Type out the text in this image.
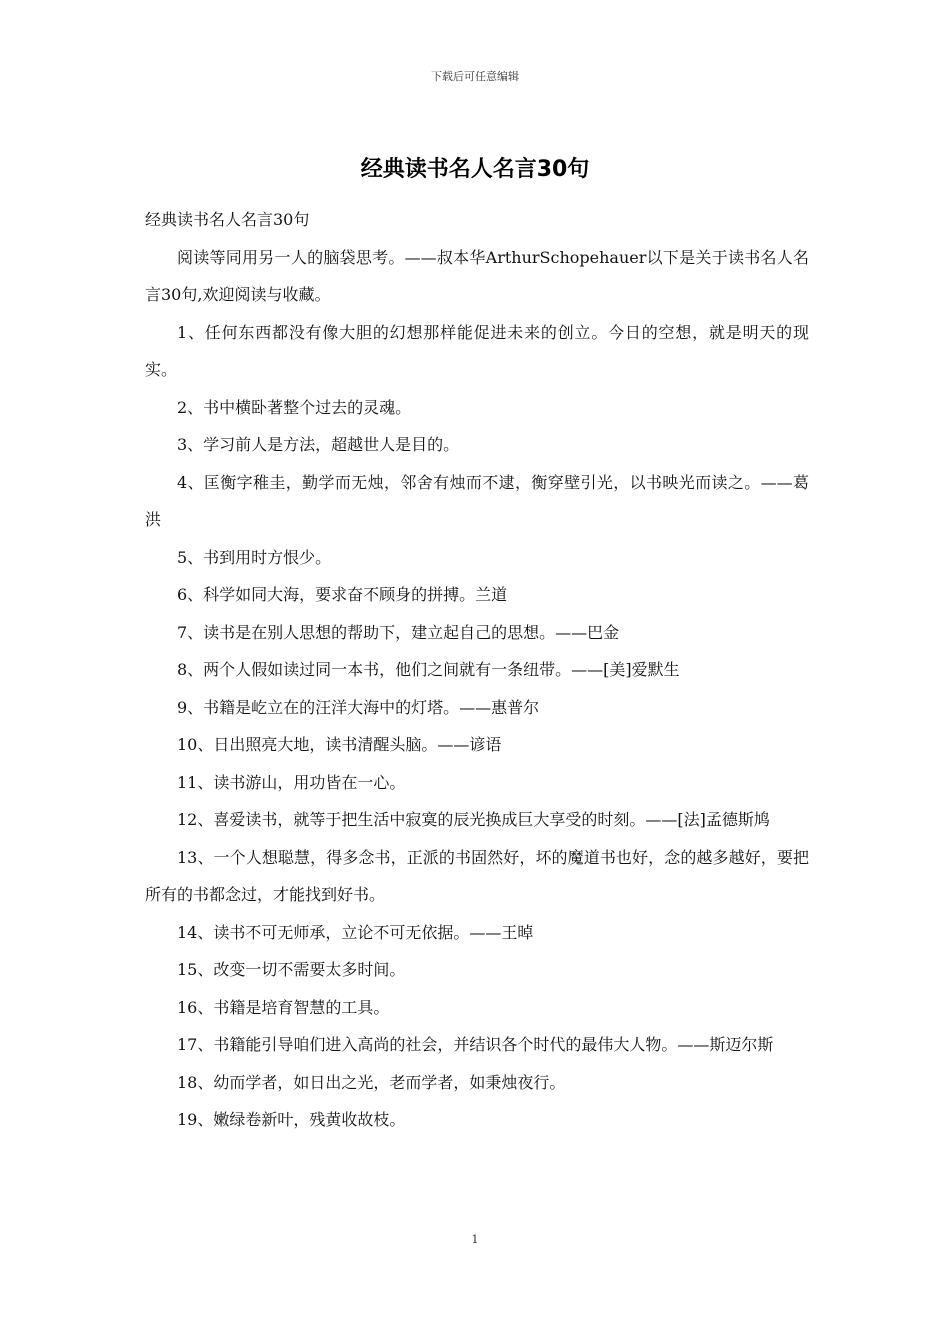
下载后可任意编辑
经典读书名人名言30句

经典读书名人名言30句

阅读等同用另一人的脑袋思考。——叔本华ArthurSchopehauer以下是关于读书名人名言30句,欢迎阅读与收藏。

1、任何东西都没有像大胆的幻想那样能促进未来的创立。今日的空想，就是明天的现实。

2、书中横卧著整个过去的灵魂。

3、学习前人是方法，超越世人是目的。

4、匡衡字稚圭，勤学而无烛，邻舍有烛而不逮，衡穿壁引光，以书映光而读之。——葛洪

5、书到用时方恨少。

6、科学如同大海，要求奋不顾身的拼搏。兰道

7、读书是在别人思想的帮助下，建立起自己的思想。——巴金

8、两个人假如读过同一本书，他们之间就有一条纽带。——[美]爱默生

9、书籍是屹立在的汪洋大海中的灯塔。——惠普尔

10、日出照亮大地，读书清醒头脑。——谚语

11、读书游山，用功皆在一心。

12、喜爱读书，就等于把生活中寂寞的辰光换成巨大享受的时刻。——[法]孟德斯鸠

13、一个人想聪慧，得多念书，正派的书固然好，坏的魔道书也好，念的越多越好，要把所有的书都念过，才能找到好书。

14、读书不可无师承，立论不可无依据。——王晫

15、改变一切不需要太多时间。

16、书籍是培育智慧的工具。

17、书籍能引导咱们进入高尚的社会，并结识各个时代的最伟大人物。——斯迈尔斯

18、幼而学者，如日出之光，老而学者，如秉烛夜行。

19、嫩绿卷新叶，残黄收故枝。

1
